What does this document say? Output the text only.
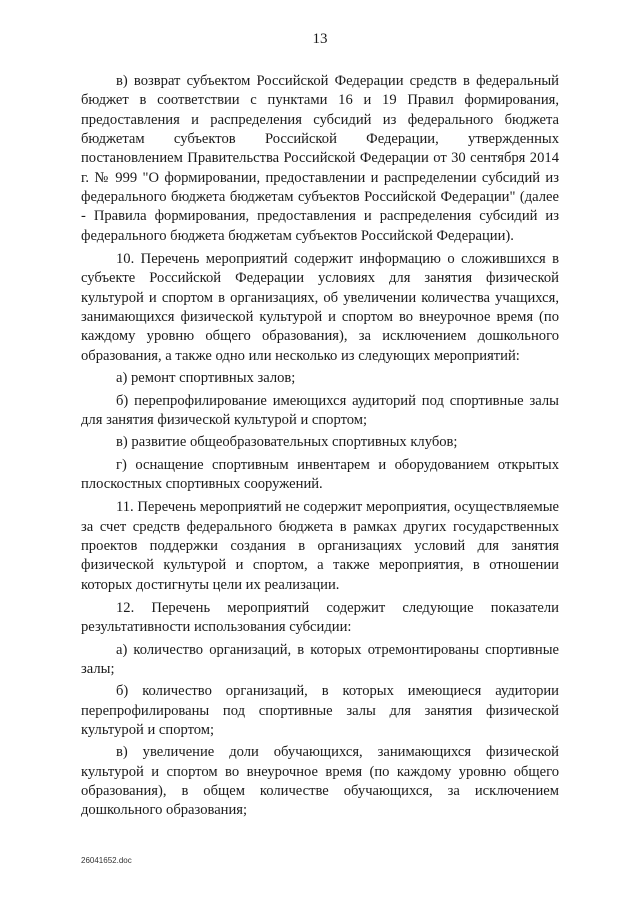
13

в) возврат субъектом Российской Федерации средств в федеральный бюджет в соответствии с пунктами 16 и 19 Правил формирования, предоставления и распределения субсидий из федерального бюджета бюджетам субъектов Российской Федерации, утвержденных постановлением Правительства Российской Федерации от 30 сентября 2014 г. № 999 "О формировании, предоставлении и распределении субсидий из федерального бюджета бюджетам субъектов Российской Федерации" (далее - Правила формирования, предоставления и распределения субсидий из федерального бюджета бюджетам субъектов Российской Федерации).

10. Перечень мероприятий содержит информацию о сложившихся в субъекте Российской Федерации условиях для занятия физической культурой и спортом в организациях, об увеличении количества учащихся, занимающихся физической культурой и спортом во внеурочное время (по каждому уровню общего образования), за исключением дошкольного образования, а также одно или несколько из следующих мероприятий:

а) ремонт спортивных залов;

б) перепрофилирование имеющихся аудиторий под спортивные залы для занятия физической культурой и спортом;

в) развитие общеобразовательных спортивных клубов;

г) оснащение спортивным инвентарем и оборудованием открытых плоскостных спортивных сооружений.

11. Перечень мероприятий не содержит мероприятия, осуществляемые за счет средств федерального бюджета в рамках других государственных проектов поддержки создания в организациях условий для занятия физической культурой и спортом, а также мероприятия, в отношении которых достигнуты цели их реализации.

12. Перечень мероприятий содержит следующие показатели результативности использования субсидии:

а) количество организаций, в которых отремонтированы спортивные залы;

б) количество организаций, в которых имеющиеся аудитории перепрофилированы под спортивные залы для занятия физической культурой и спортом;

в) увеличение доли обучающихся, занимающихся физической культурой и спортом во внеурочное время (по каждому уровню общего образования), в общем количестве обучающихся, за исключением дошкольного образования;

26041652.doc
